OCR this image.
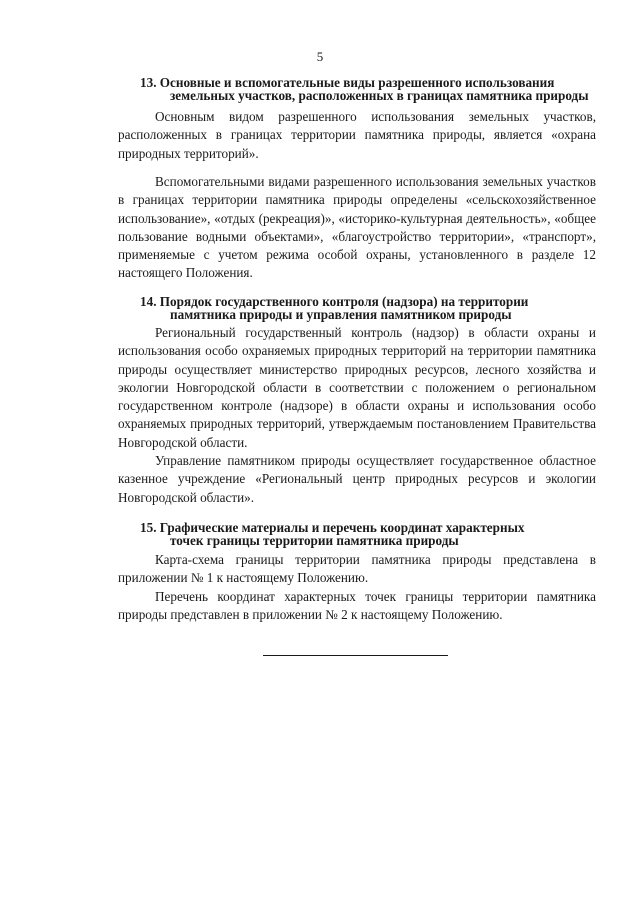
5
13. Основные и вспомогательные виды разрешенного использования
земельных участков, расположенных в границах памятника природы

Основным видом разрешенного использования земельных участков, расположенных в границах территории памятника природы, является «охрана природных территорий».

Вспомогательными видами разрешенного использования земельных участков в границах территории памятника природы определены «сельскохозяйственное использование», «отдых (рекреация)», «историко-культурная деятельность», «общее пользование водными объектами», «благоустройство территории», «транспорт», применяемые с учетом режима особой охраны, установленного в разделе 12 настоящего Положения.

14. Порядок государственного контроля (надзора) на территории
памятника природы и управления памятником природы

Региональный государственный контроль (надзор) в области охраны и использования особо охраняемых природных территорий на территории памятника природы осуществляет министерство природных ресурсов, лесного хозяйства и экологии Новгородской области в соответствии с положением о региональном государственном контроле (надзоре) в области охраны и использования особо охраняемых природных территорий, утверждаемым постановлением Правительства Новгородской области.

Управление памятником природы осуществляет государственное областное казенное учреждение «Региональный центр природных ресурсов и экологии Новгородской области».

15. Графические материалы и перечень координат характерных
точек границы территории памятника природы

Карта-схема границы территории памятника природы представлена в приложении № 1 к настоящему Положению.

Перечень координат характерных точек границы территории памятника природы представлен в приложении № 2 к настоящему Положению.
